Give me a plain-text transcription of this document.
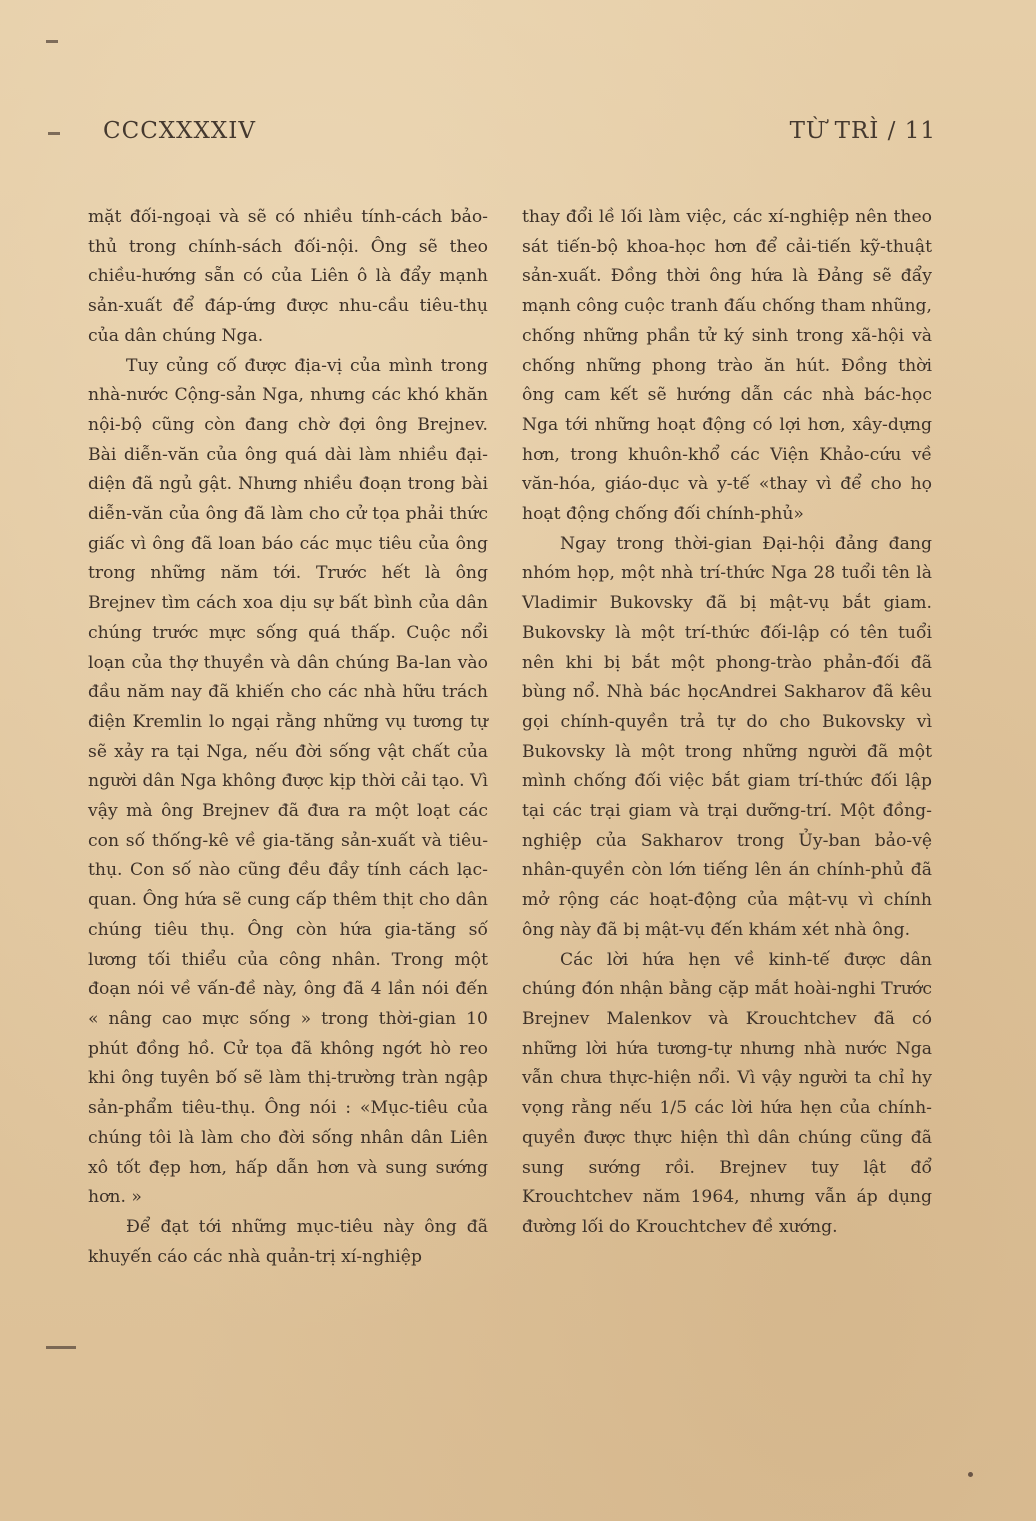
CCCXXXXIV	TỪ TRÌ / 11

mặt đối-ngoại và sẽ có nhiều tính-cách bảo-thủ trong chính-sách đối-nội. Ông sẽ theo chiều-hướng sẵn có của Liên ô là đẩy mạnh sản-xuất để đáp-ứng được nhu-cầu tiêu-thụ của dân chúng Nga.

Tuy củng cố được địa-vị của mình trong nhà-nước Cộng-sản Nga, nhưng các khó khăn nội-bộ cũng còn đang chờ đợi ông Brejnev. Bài diễn-văn của ông quá dài làm nhiều đại-diện đã ngủ gật. Nhưng nhiều đoạn trong bài diễn-văn của ông đã làm cho cử tọa phải thức giấc vì ông đã loan báo các mục tiêu của ông trong những năm tới. Trước hết là ông Brejnev tìm cách xoa dịu sự bất bình của dân chúng trước mực sống quá thấp. Cuộc nổi loạn của thợ thuyền và dân chúng Ba-lan vào đầu năm nay đã khiến cho các nhà hữu trách điện Kremlin lo ngại rằng những vụ tương tự sẽ xảy ra tại Nga, nếu đời sống vật chất của người dân Nga không được kịp thời cải tạo. Vì vậy mà ông Brejnev đã đưa ra một loạt các con số thống-kê về gia-tăng sản-xuất và tiêu-thụ. Con số nào cũng đều đầy tính cách lạc-quan. Ông hứa sẽ cung cấp thêm thịt cho dân chúng tiêu thụ. Ông còn hứa gia-tăng số lương tối thiểu của công nhân. Trong một đoạn nói về vấn-đề này, ông đã 4 lần nói đến « nâng cao mực sống » trong thời-gian 10 phút đồng hồ. Cử tọa đã không ngớt hò reo khi ông tuyên bố sẽ làm thị-trường tràn ngập sản-phẩm tiêu-thụ. Ông nói : «Mục-tiêu của chúng tôi là làm cho đời sống nhân dân Liên xô tốt đẹp hơn, hấp dẫn hơn và sung sướng hơn. »

Để đạt tới những mục-tiêu này ông đã khuyến cáo các nhà quản-trị xí-nghiệp

thay đổi lề lối làm việc, các xí-nghiệp nên theo sát tiến-bộ khoa-học hơn để cải-tiến kỹ-thuật sản-xuất. Đồng thời ông hứa là Đảng sẽ đẩy mạnh công cuộc tranh đấu chống tham nhũng, chống những phần tử ký sinh trong xã-hội và chống những phong trào ăn hút. Đồng thời ông cam kết sẽ hướng dẫn các nhà bác-học Nga tới những hoạt động có lợi hơn, xây-dựng hơn, trong khuôn-khổ các Viện Khảo-cứu về văn-hóa, giáo-dục và y-tế «thay vì để cho họ hoạt động chống đối chính-phủ»

Ngay trong thời-gian Đại-hội đảng đang nhóm họp, một nhà trí-thức Nga 28 tuổi tên là Vladimir Bukovsky đã bị mật-vụ bắt giam. Bukovsky là một trí-thức đối-lập có tên tuổi nên khi bị bắt một phong-trào phản-đối đã bùng nổ. Nhà bác họcAndrei Sakharov đã kêu gọi chính-quyền trả tự do cho Bukovsky vì Bukovsky là một trong những người đã một mình chống đối việc bắt giam trí-thức đối lập tại các trại giam và trại dưỡng-trí. Một đồng-nghiệp của Sakharov trong Ủy-ban bảo-vệ nhân-quyền còn lớn tiếng lên án chính-phủ đã mở rộng các hoạt-động của mật-vụ vì chính ông này đã bị mật-vụ đến khám xét nhà ông.

Các lời hứa hẹn về kinh-tế được dân chúng đón nhận bằng cặp mắt hoài-nghi Trước Brejnev Malenkov và Krouchtchev đã có những lời hứa tương-tự nhưng nhà nước Nga vẫn chưa thực-hiện nổi. Vì vậy người ta chỉ hy vọng rằng nếu 1/5 các lời hứa hẹn của chính-quyền được thực hiện thì dân chúng cũng đã sung sướng rồi. Brejnev tuy lật đổ Krouchtchev năm 1964, nhưng vẫn áp dụng đường lối do Krouchtchev đề xướng.
